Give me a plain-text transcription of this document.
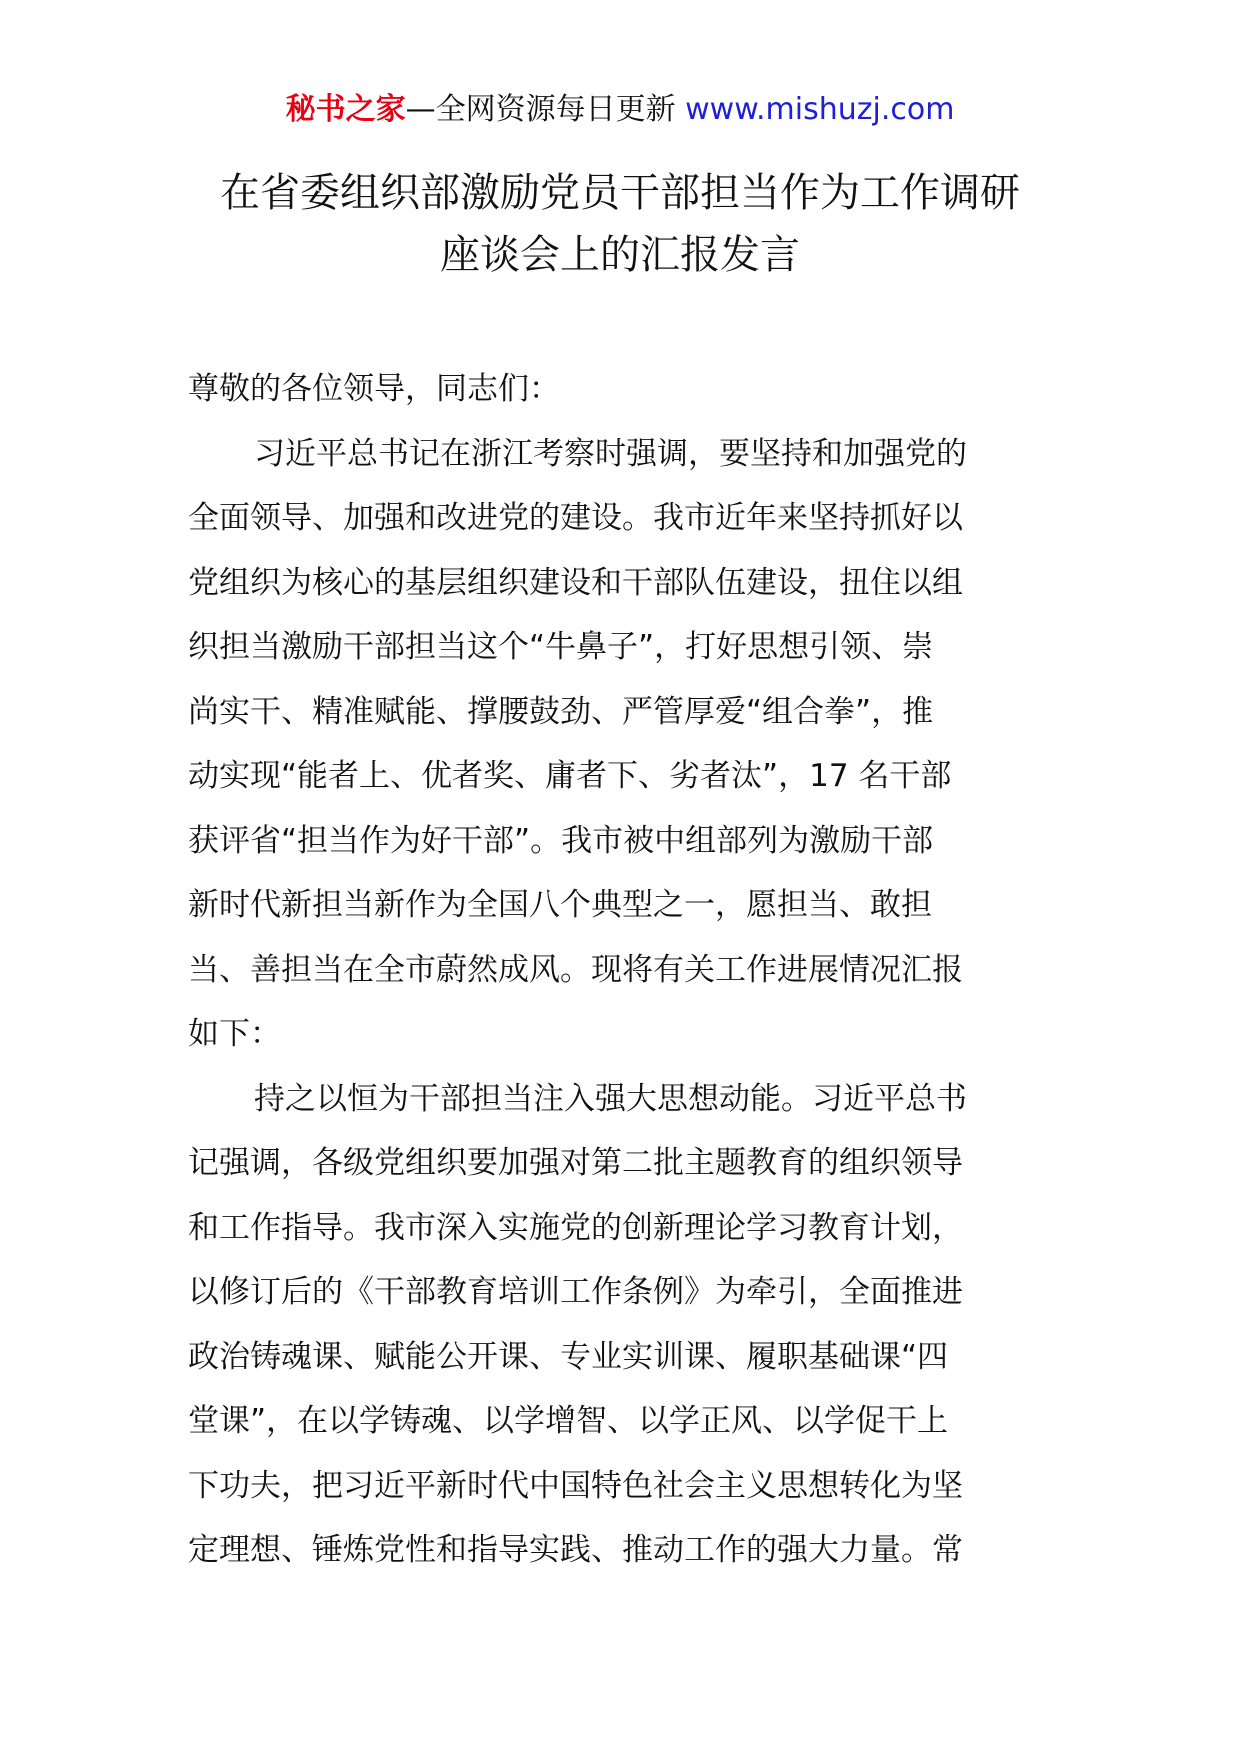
秘书之家—全网资源每日更新 www.mishuzj.com
在省委组织部激励党员干部担当作为工作调研
座谈会上的汇报发言
尊敬的各位领导，同志们：
习近平总书记在浙江考察时强调，要坚持和加强党的
全面领导、加强和改进党的建设。我市近年来坚持抓好以
党组织为核心的基层组织建设和干部队伍建设，扭住以组
织担当激励干部担当这个“牛鼻子”，打好思想引领、崇
尚实干、精准赋能、撑腰鼓劲、严管厚爱“组合拳”，推
动实现“能者上、优者奖、庸者下、劣者汰”，17 名干部
获评省“担当作为好干部”。我市被中组部列为激励干部
新时代新担当新作为全国八个典型之一，愿担当、敢担
当、善担当在全市蔚然成风。现将有关工作进展情况汇报
如下：
持之以恒为干部担当注入强大思想动能。习近平总书
记强调，各级党组织要加强对第二批主题教育的组织领导
和工作指导。我市深入实施党的创新理论学习教育计划，
以修订后的《干部教育培训工作条例》为牵引，全面推进
政治铸魂课、赋能公开课、专业实训课、履职基础课“四
堂课”，在以学铸魂、以学增智、以学正风、以学促干上
下功夫，把习近平新时代中国特色社会主义思想转化为坚
定理想、锤炼党性和指导实践、推动工作的强大力量。常
